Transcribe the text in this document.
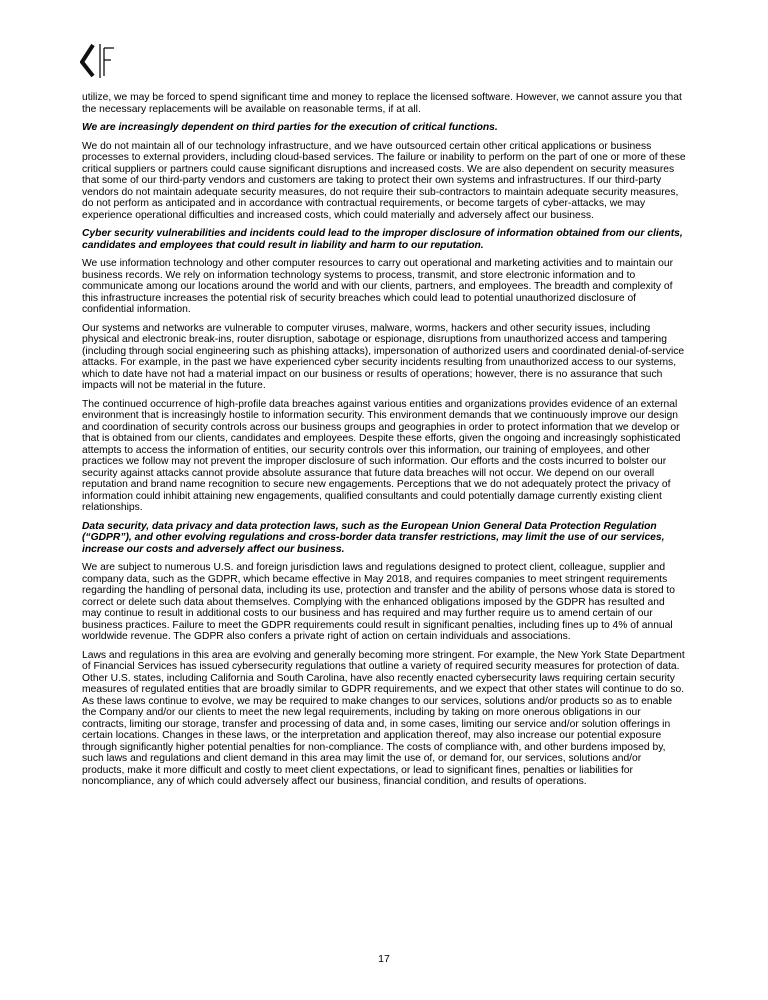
utilize, we may be forced to spend significant time and money to replace the licensed software. However, we cannot assure you that the necessary replacements will be available on reasonable terms, if at all.

We are increasingly dependent on third parties for the execution of critical functions.

We do not maintain all of our technology infrastructure, and we have outsourced certain other critical applications or business processes to external providers, including cloud-based services. The failure or inability to perform on the part of one or more of these critical suppliers or partners could cause significant disruptions and increased costs. We are also dependent on security measures that some of our third-party vendors and customers are taking to protect their own systems and infrastructures. If our third-party vendors do not maintain adequate security measures, do not require their sub-contractors to maintain adequate security measures, do not perform as anticipated and in accordance with contractual requirements, or become targets of cyber-attacks, we may experience operational difficulties and increased costs, which could materially and adversely affect our business.

Cyber security vulnerabilities and incidents could lead to the improper disclosure of information obtained from our clients, candidates and employees that could result in liability and harm to our reputation.

We use information technology and other computer resources to carry out operational and marketing activities and to maintain our business records. We rely on information technology systems to process, transmit, and store electronic information and to communicate among our locations around the world and with our clients, partners, and employees. The breadth and complexity of this infrastructure increases the potential risk of security breaches which could lead to potential unauthorized disclosure of confidential information.

Our systems and networks are vulnerable to computer viruses, malware, worms, hackers and other security issues, including physical and electronic break-ins, router disruption, sabotage or espionage, disruptions from unauthorized access and tampering (including through social engineering such as phishing attacks), impersonation of authorized users and coordinated denial-of-service attacks. For example, in the past we have experienced cyber security incidents resulting from unauthorized access to our systems, which to date have not had a material impact on our business or results of operations; however, there is no assurance that such impacts will not be material in the future.

The continued occurrence of high-profile data breaches against various entities and organizations provides evidence of an external environment that is increasingly hostile to information security. This environment demands that we continuously improve our design and coordination of security controls across our business groups and geographies in order to protect information that we develop or that is obtained from our clients, candidates and employees. Despite these efforts, given the ongoing and increasingly sophisticated attempts to access the information of entities, our security controls over this information, our training of employees, and other practices we follow may not prevent the improper disclosure of such information. Our efforts and the costs incurred to bolster our security against attacks cannot provide absolute assurance that future data breaches will not occur. We depend on our overall reputation and brand name recognition to secure new engagements. Perceptions that we do not adequately protect the privacy of information could inhibit attaining new engagements, qualified consultants and could potentially damage currently existing client relationships.

Data security, data privacy and data protection laws, such as the European Union General Data Protection Regulation (“GDPR”), and other evolving regulations and cross-border data transfer restrictions, may limit the use of our services, increase our costs and adversely affect our business.

We are subject to numerous U.S. and foreign jurisdiction laws and regulations designed to protect client, colleague, supplier and company data, such as the GDPR, which became effective in May 2018, and requires companies to meet stringent requirements regarding the handling of personal data, including its use, protection and transfer and the ability of persons whose data is stored to correct or delete such data about themselves. Complying with the enhanced obligations imposed by the GDPR has resulted and may continue to result in additional costs to our business and has required and may further require us to amend certain of our business practices. Failure to meet the GDPR requirements could result in significant penalties, including fines up to 4% of annual worldwide revenue. The GDPR also confers a private right of action on certain individuals and associations.

Laws and regulations in this area are evolving and generally becoming more stringent. For example, the New York State Department of Financial Services has issued cybersecurity regulations that outline a variety of required security measures for protection of data. Other U.S. states, including California and South Carolina, have also recently enacted cybersecurity laws requiring certain security measures of regulated entities that are broadly similar to GDPR requirements, and we expect that other states will continue to do so. As these laws continue to evolve, we may be required to make changes to our services, solutions and/or products so as to enable the Company and/or our clients to meet the new legal requirements, including by taking on more onerous obligations in our contracts, limiting our storage, transfer and processing of data and, in some cases, limiting our service and/or solution offerings in certain locations. Changes in these laws, or the interpretation and application thereof, may also increase our potential exposure through significantly higher potential penalties for non-compliance. The costs of compliance with, and other burdens imposed by, such laws and regulations and client demand in this area may limit the use of, or demand for, our services, solutions and/or products, make it more difficult and costly to meet client expectations, or lead to significant fines, penalties or liabilities for noncompliance, any of which could adversely affect our business, financial condition, and results of operations.

17
